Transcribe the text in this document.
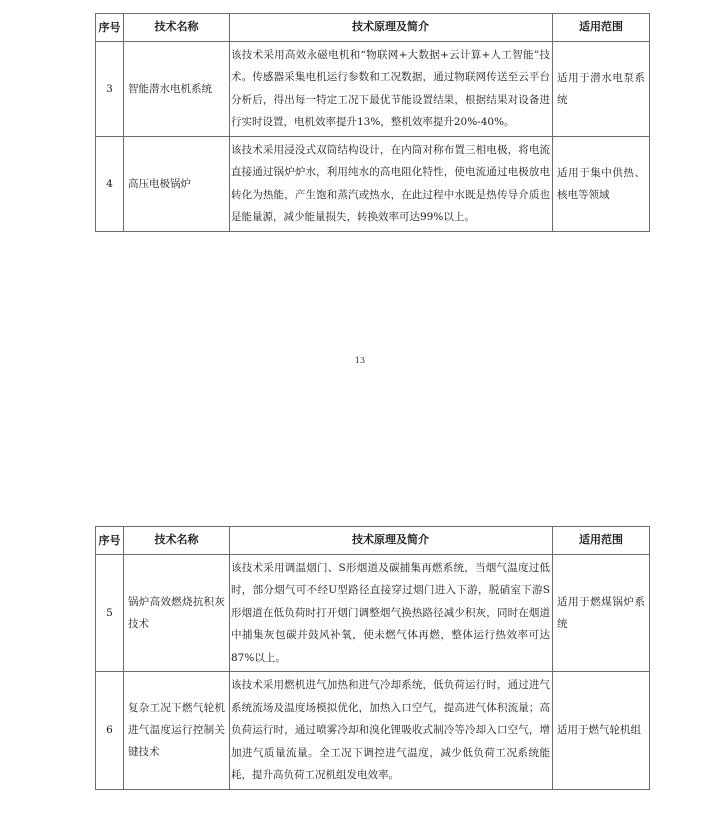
序号	技术名称	技术原理及简介	适用范围
3	智能潜水电机系统	该技术采用高效永磁电机和“物联网+大数据+云计算+人工智能”技术。传感器采集电机运行参数和工况数据，通过物联网传送至云平台分析后，得出每一特定工况下最优节能设置结果，根据结果对设备进行实时设置，电机效率提升13%，整机效率提升20%-40%。	适用于潜水电泵系统
4	高压电极锅炉	该技术采用浸没式双筒结构设计，在内筒对称布置三相电极，将电流直接通过锅炉炉水，利用纯水的高电阻化特性，使电流通过电极放电转化为热能，产生饱和蒸汽或热水，在此过程中水既是热传导介质也是能量源，减少能量损失，转换效率可达99%以上。	适用于集中供热、核电等领域
13
序号	技术名称	技术原理及简介	适用范围
5	锅炉高效燃烧抗积灰技术	该技术采用调温烟门、S形烟道及碳捕集再燃系统，当烟气温度过低时，部分烟气可不经U型路径直接穿过烟门进入下游，脱硝室下游S形烟道在低负荷时打开烟门调整烟气换热路径减少积灰，同时在烟道中捕集灰包碳并鼓风补氧，使未燃气体再燃，整体运行热效率可达87%以上。	适用于燃煤锅炉系统
6	复杂工况下燃气轮机进气温度运行控制关键技术	该技术采用燃机进气加热和进气冷却系统，低负荷运行时，通过进气系统流场及温度场模拟优化，加热入口空气，提高进气体积流量；高负荷运行时，通过喷雾冷却和溴化锂吸收式制冷等冷却入口空气，增加进气质量流量。全工况下调控进气温度，减少低负荷工况系统能耗，提升高负荷工况机组发电效率。	适用于燃气轮机组
